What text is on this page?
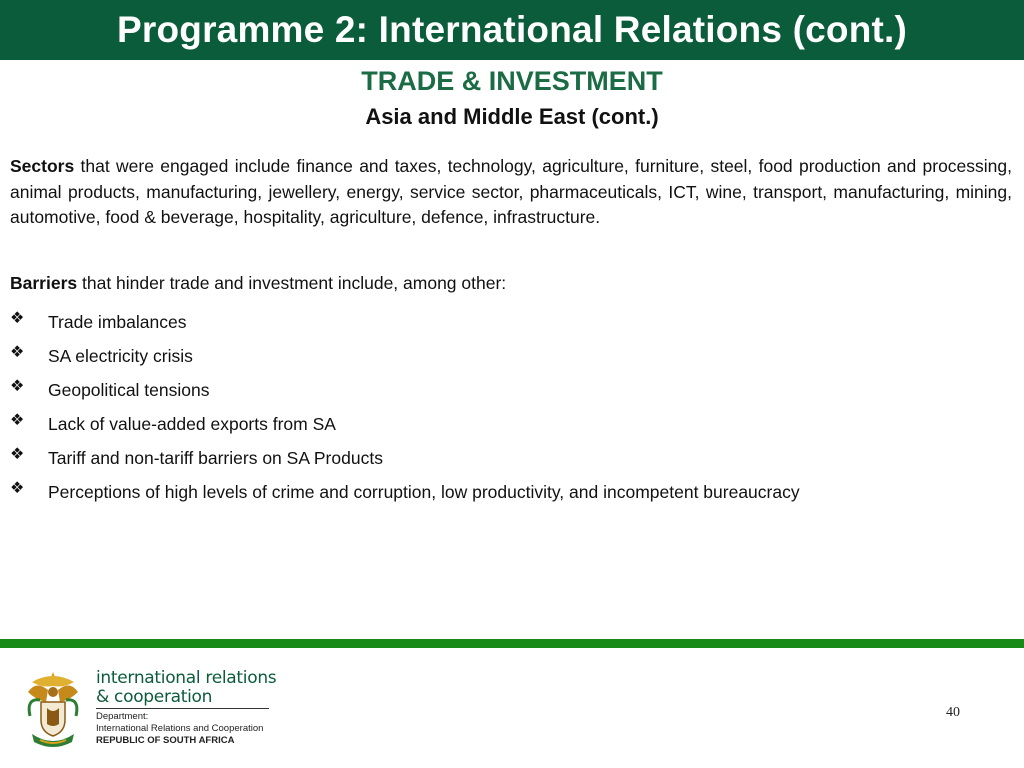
Programme 2: International Relations (cont.)
TRADE & INVESTMENT
Asia and Middle East (cont.)

Sectors that were engaged include finance and taxes, technology, agriculture, furniture, steel, food production and processing, animal products, manufacturing, jewellery, energy, service sector, pharmaceuticals, ICT, wine, transport, manufacturing, mining, automotive, food & beverage, hospitality, agriculture, defence, infrastructure.

Barriers that hinder trade and investment include, among other:
❖	Trade imbalances
❖	SA electricity crisis
❖	Geopolitical tensions
❖	Lack of value-added exports from SA
❖	Tariff and non-tariff barriers on SA Products
❖	Perceptions of high levels of crime and corruption, low productivity, and incompetent bureaucracy
international relations
& cooperation
Department:
International Relations and Cooperation
REPUBLIC OF SOUTH AFRICA
40
